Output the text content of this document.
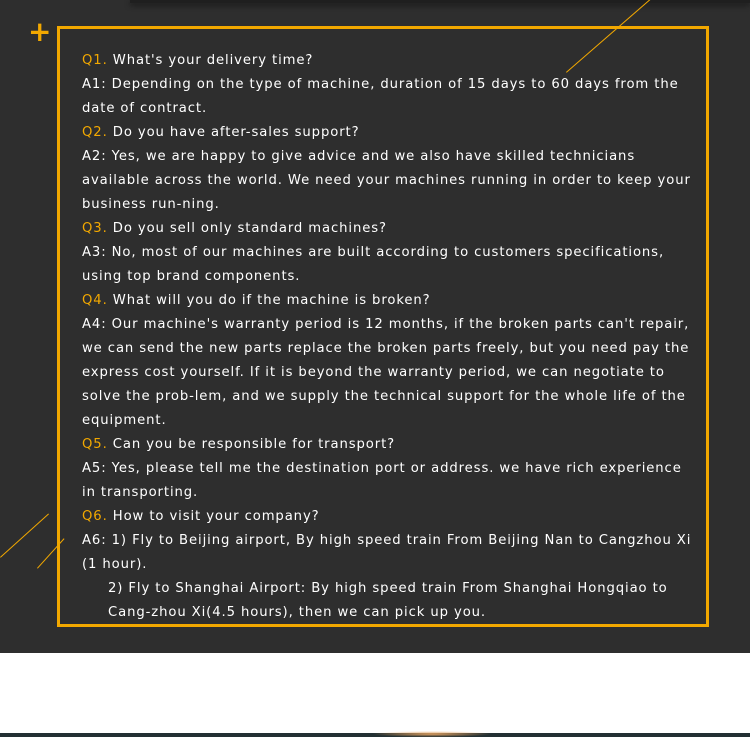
+

Q1. What's your delivery time?

A1: Depending on the type of machine, duration of 15 days to 60 days from the date of contract.

Q2. Do you have after-sales support?

A2: Yes, we are happy to give advice and we also have skilled technicians available across the world. We need your machines running in order to keep your business run-ning.

Q3. Do you sell only standard machines?

A3: No, most of our machines are built according to customers specifications, using top brand components.

Q4. What will you do if the machine is broken?

A4: Our machine's warranty period is 12 months, if the broken parts can't repair, we can send the new parts replace the broken parts freely, but you need pay the express cost yourself. If it is beyond the warranty period, we can negotiate to solve the prob-lem, and we supply the technical support for the whole life of the equipment.

Q5. Can you be responsible for transport?

A5: Yes, please tell me the destination port or address. we have rich experience in transporting.

Q6. How to visit your company?

A6: 1) Fly to Beijing airport, By high speed train From Beijing Nan to Cangzhou Xi (1 hour).

2) Fly to Shanghai Airport: By high speed train From Shanghai Hongqiao to Cang-zhou Xi(4.5 hours), then we can pick up you.
